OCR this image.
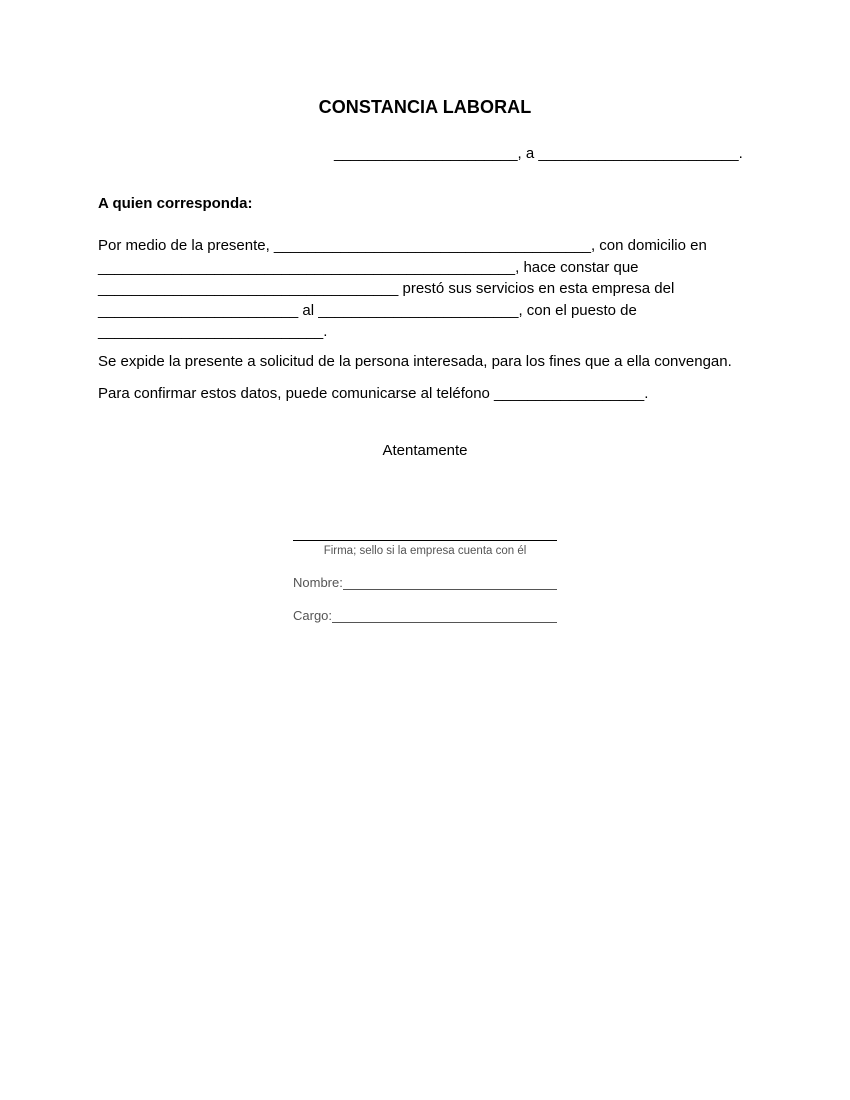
CONSTANCIA LABORAL
______________________, a ________________________.
A quien corresponda:
Por medio de la presente, ______________________________________, con domicilio en
__________________________________________________, hace constar que
____________________________________ prestó sus servicios en esta empresa del
________________________ al ________________________, con el puesto de
___________________________.
Se expide la presente a solicitud de la persona interesada, para los fines que a ella convengan.
Para confirmar estos datos, puede comunicarse al teléfono __________________.
Atentamente
Firma; sello si la empresa cuenta con él
Nombre:
Cargo:
